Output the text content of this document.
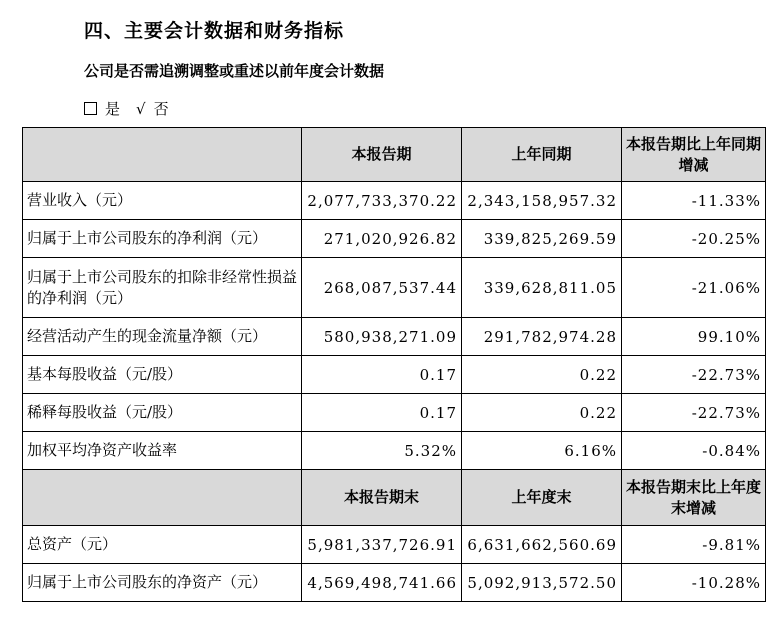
四、主要会计数据和财务指标
公司是否需追溯调整或重述以前年度会计数据
是 √ 否
	本报告期	上年同期	本报告期比上年同期增减
营业收入（元）	2,077,733,370.22	2,343,158,957.32	-11.33%
归属于上市公司股东的净利润（元）	271,020,926.82	339,825,269.59	-20.25%
归属于上市公司股东的扣除非经常性损益的净利润（元）	268,087,537.44	339,628,811.05	-21.06%
经营活动产生的现金流量净额（元）	580,938,271.09	291,782,974.28	99.10%
基本每股收益（元/股）	0.17	0.22	-22.73%
稀释每股收益（元/股）	0.17	0.22	-22.73%
加权平均净资产收益率	5.32%	6.16%	-0.84%
	本报告期末	上年度末	本报告期末比上年度末增减
总资产（元）	5,981,337,726.91	6,631,662,560.69	-9.81%
归属于上市公司股东的净资产（元）	4,569,498,741.66	5,092,913,572.50	-10.28%
